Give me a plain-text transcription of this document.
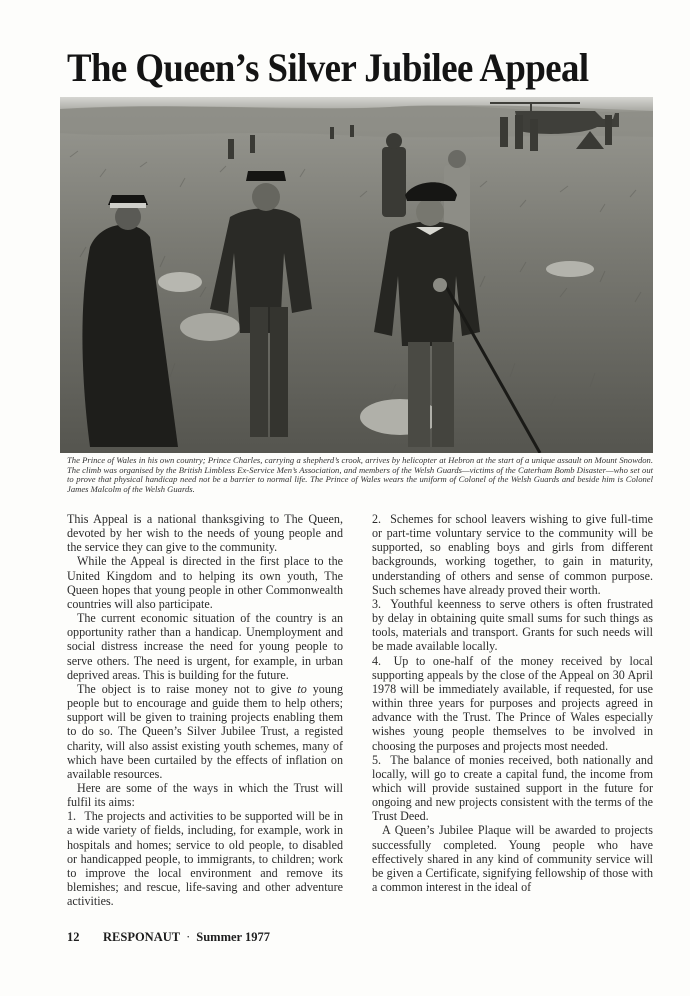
The Queen’s Silver Jubilee Appeal

The Prince of Wales in his own country; Prince Charles, carrying a shepherd’s crook, arrives by helicopter at Hebron at the start of a unique assault on Mount Snowdon. The climb was organised by the British Limbless Ex-Service Men’s Association, and members of the Welsh Guards—victims of the Caterham Bomb Disaster—who set out to prove that physical handicap need not be a barrier to normal life. The Prince of Wales wears the uniform of Colonel of the Welsh Guards and beside him is Colonel James Malcolm of the Welsh Guards.

This Appeal is a national thanksgiving to The Queen, devoted by her wish to the needs of young people and the service they can give to the community.

While the Appeal is directed in the first place to the United Kingdom and to helping its own youth, The Queen hopes that young people in other Commonwealth countries will also participate.

The current economic situation of the country is an opportunity rather than a handicap. Unemployment and social distress increase the need for young people to serve others. The need is urgent, for example, in urban deprived areas. This is building for the future.

The object is to raise money not to give to young people but to encourage and guide them to help others; support will be given to training projects enabling them to do so. The Queen’s Silver Jubilee Trust, a registed charity, will also assist existing youth schemes, many of which have been curtailed by the effects of inflation on available resources.

Here are some of the ways in which the Trust will fulfil its aims:

1. The projects and activities to be supported will be in a wide variety of fields, including, for example, work in hospitals and homes; service to old people, to disabled or handicapped people, to immigrants, to children; work to improve the local environment and remove its blemishes; and rescue, life-saving and other adventure activities.

2. Schemes for school leavers wishing to give full-time or part-time voluntary service to the community will be supported, so enabling boys and girls from different backgrounds, working together, to gain in maturity, understanding of others and sense of common purpose. Such schemes have already proved their worth.

3. Youthful keenness to serve others is often frustrated by delay in obtaining quite small sums for such things as tools, materials and transport. Grants for such needs will be made available locally.

4. Up to one-half of the money received by local supporting appeals by the close of the Appeal on 30 April 1978 will be immediately available, if requested, for use within three years for purposes and projects agreed in advance with the Trust. The Prince of Wales especially wishes young people themselves to be involved in choosing the purposes and projects most needed.

5. The balance of monies received, both nationally and locally, will go to create a capital fund, the income from which will provide sustained support in the future for ongoing and new projects consistent with the terms of the Trust Deed.

A Queen’s Jubilee Plaque will be awarded to projects successfully completed. Young people who have effectively shared in any kind of community service will be given a Certificate, signifying fellowship of those with a common interest in the ideal of

12 RESPONAUT · Summer 1977
